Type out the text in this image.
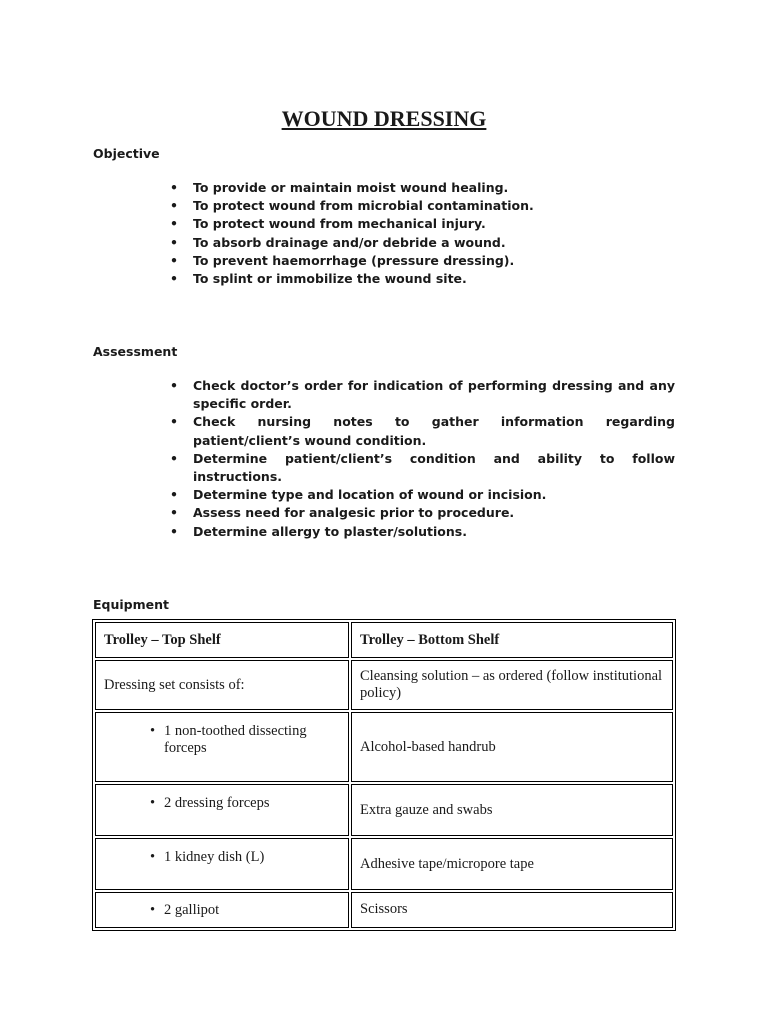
WOUND DRESSING
Objective
• To provide or maintain moist wound healing.
• To protect wound from microbial contamination.
• To protect wound from mechanical injury.
• To absorb drainage and/or debride a wound.
• To prevent haemorrhage (pressure dressing).
• To splint or immobilize the wound site.
Assessment
• Check doctor’s order for indication of performing dressing and any specific order.
• Check nursing notes to gather information regarding patient/client’s wound condition.
• Determine patient/client’s condition and ability to follow instructions.
• Determine type and location of wound or incision.
• Assess need for analgesic prior to procedure.
• Determine allergy to plaster/solutions.
Equipment
Trolley – Top Shelf	Trolley – Bottom Shelf
Dressing set consists of:	Cleansing solution – as ordered (follow institutional policy)

• 1 non-toothed dissecting forceps	Alcohol-based handrub

• 2 dressing forceps	Extra gauze and swabs

• 1 kidney dish (L)	Adhesive tape/micropore tape

• 2 gallipot	Scissors
